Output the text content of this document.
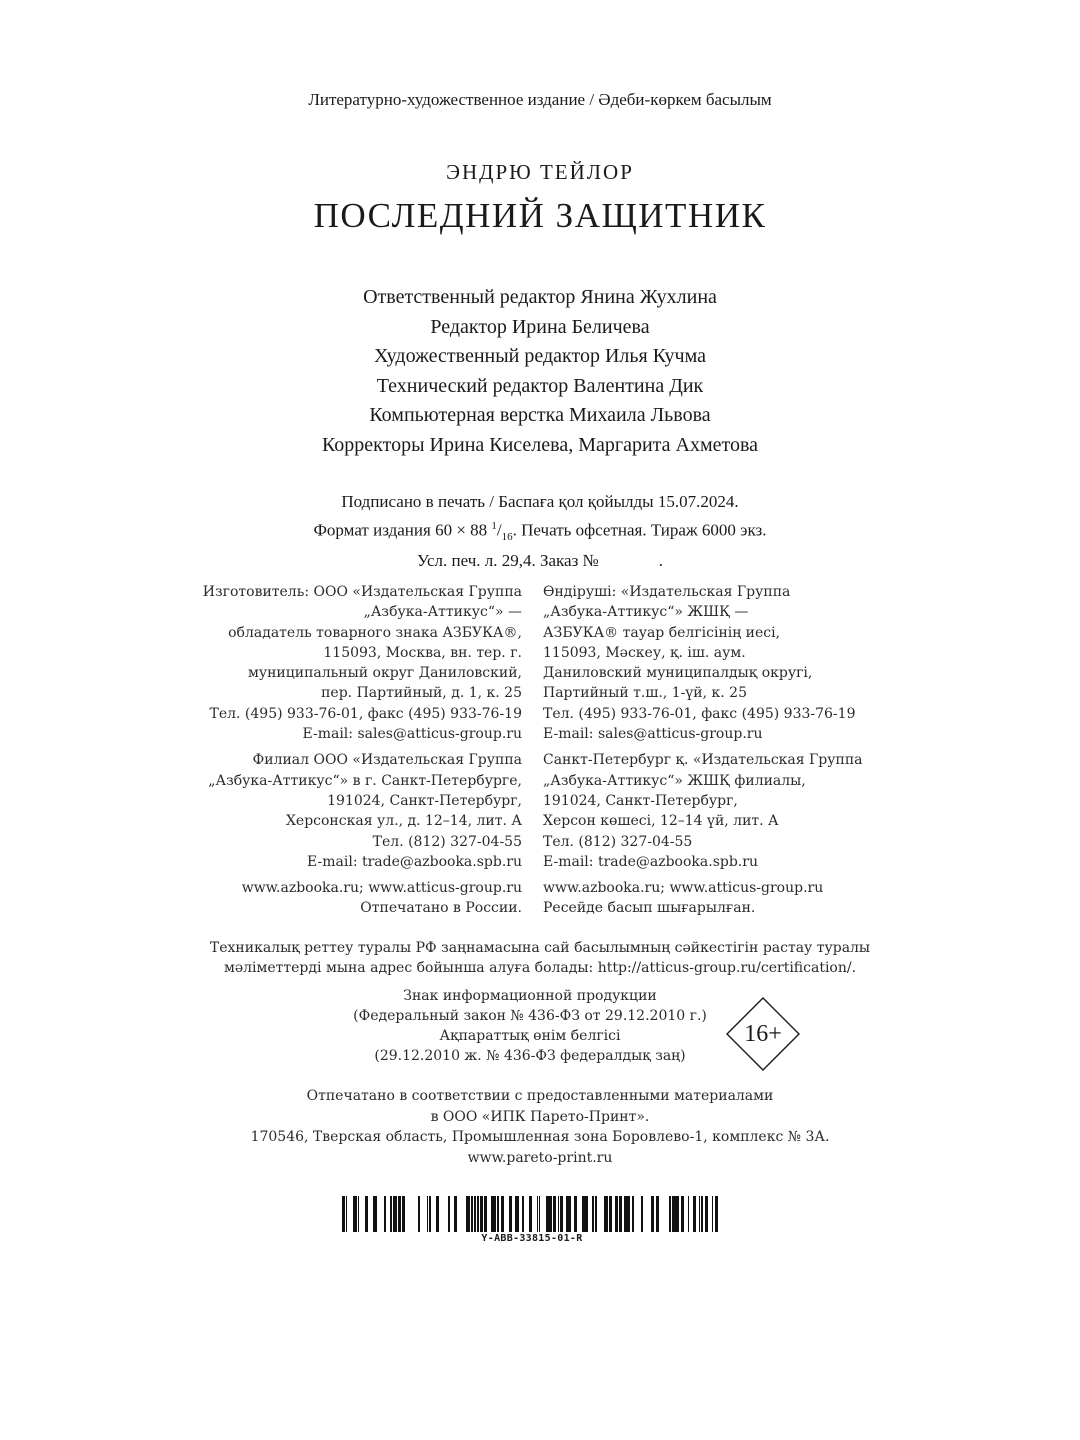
Литературно-художественное издание / Әдеби-көркем басылым
ЭНДРЮ ТЕЙЛОР
ПОСЛЕДНИЙ ЗАЩИТНИК
Ответственный редактор Янина Жухлина
Редактор Ирина Беличева
Художественный редактор Илья Кучма
Технический редактор Валентина Дик
Компьютерная верстка Михаила Львова
Корректоры Ирина Киселева, Маргарита Ахметова
Подписано в печать / Баспаға қол қойылды 15.07.2024.
Формат издания 60 × 88 $^1/_{16}$. Печать офсетная. Тираж 6000 экз.
Усл. печ. л. 29,4. Заказ №	.
Изготовитель: ООО «Издательская Группа
„Азбука-Аттикус“» —
обладатель товарного знака АЗБУКА®,
115093, Москва, вн. тер. г.
муниципальный округ Даниловский,
пер. Партийный, д. 1, к. 25
Тел. (495) 933-76-01, факс (495) 933-76-19
E-mail: sales@atticus-group.ru
Филиал ООО «Издательская Группа
„Азбука-Аттикус“» в г. Санкт-Петербурге,
191024, Санкт-Петербург,
Херсонская ул., д. 12–14, лит. А
Тел. (812) 327-04-55
E-mail: trade@azbooka.spb.ru
www.azbooka.ru; www.atticus-group.ru
Отпечатано в России.
Өндіруші: «Издательская Группа
„Азбука-Аттикус“» ЖШҚ —
АЗБУКА® тауар белгісінің иесі,
115093, Мәскеу, қ. іш. аум.
Даниловский муниципалдық округі,
Партийный т.ш., 1-үй, к. 25
Тел. (495) 933-76-01, факс (495) 933-76-19
E-mail: sales@atticus-group.ru
Санкт-Петербург қ. «Издательская Группа
„Азбука-Аттикус“» ЖШҚ филиалы,
191024, Санкт-Петербург,
Херсон көшесі, 12–14 үй, лит. А
Тел. (812) 327-04-55
E-mail: trade@azbooka.spb.ru
www.azbooka.ru; www.atticus-group.ru
Ресейде басып шығарылған.
Техникалық реттеу туралы РФ заңнамасына сай басылымның сәйкестігін растау туралы
мәліметтерді мына адрес бойынша алуға болады: http://atticus-group.ru/certification/.
Знак информационной продукции
(Федеральный закон № 436-ФЗ от 29.12.2010 г.)
Ақпараттық өнім белгісі
(29.12.2010 ж. № 436-ФЗ федералдық заң)
16+
Отпечатано в соответствии с предоставленными материалами
в ООО «ИПК Парето-Принт».
170546, Тверская область, Промышленная зона Боровлево-1, комплекс № 3А.
www.pareto-print.ru
Y-ABB-33815-01-R
